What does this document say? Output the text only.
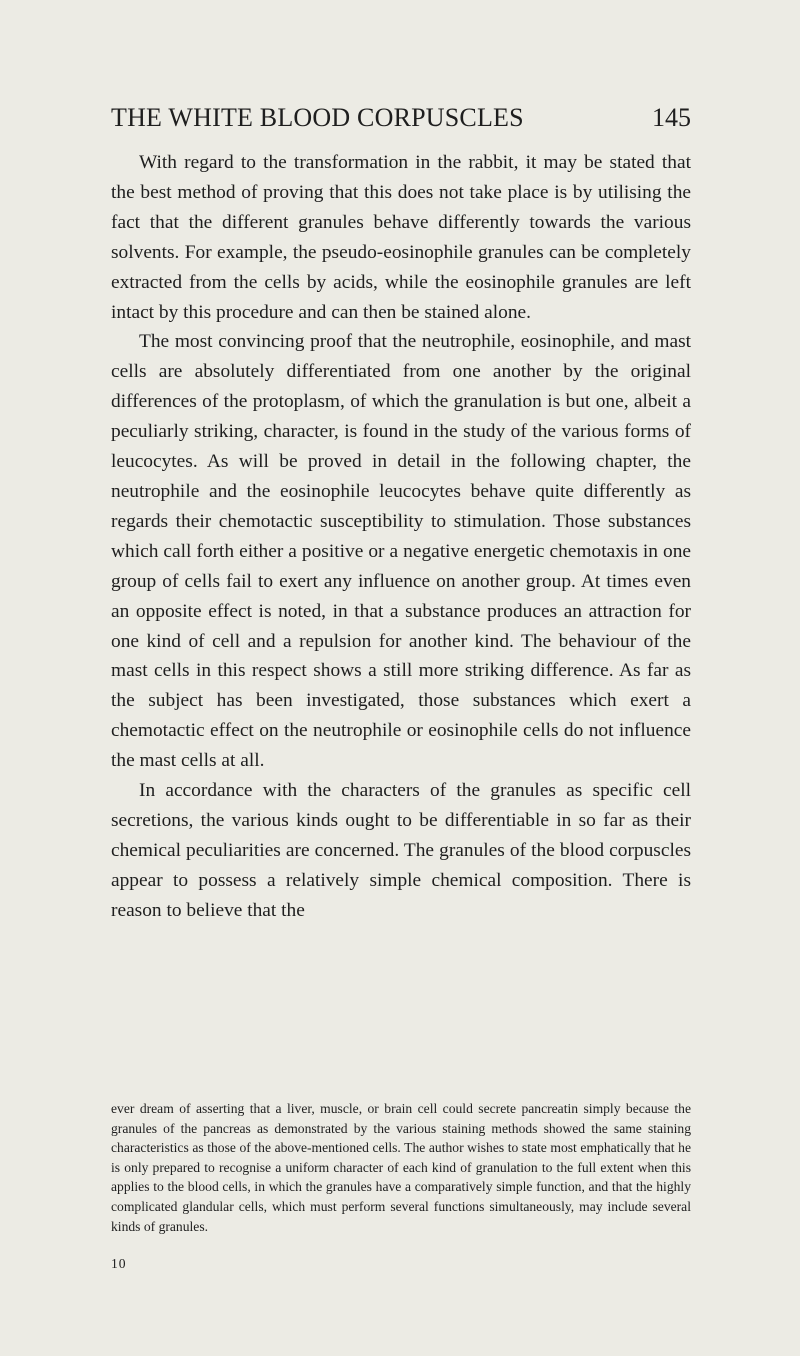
THE WHITE BLOOD CORPUSCLES	145

With regard to the transformation in the rabbit, it may be stated that the best method of proving that this does not take place is by utilising the fact that the different granules behave differently towards the various solvents. For example, the pseudo-eosinophile granules can be completely extracted from the cells by acids, while the eosinophile granules are left intact by this procedure and can then be stained alone.

The most convincing proof that the neutrophile, eosinophile, and mast cells are absolutely differentiated from one another by the original differences of the protoplasm, of which the granulation is but one, albeit a peculiarly striking, character, is found in the study of the various forms of leucocytes. As will be proved in detail in the following chapter, the neutrophile and the eosinophile leucocytes behave quite differently as regards their chemotactic susceptibility to stimulation. Those substances which call forth either a positive or a negative energetic chemotaxis in one group of cells fail to exert any influence on another group. At times even an opposite effect is noted, in that a substance produces an attraction for one kind of cell and a repulsion for another kind. The behaviour of the mast cells in this respect shows a still more striking difference. As far as the subject has been investigated, those substances which exert a chemotactic effect on the neutrophile or eosinophile cells do not influence the mast cells at all.

In accordance with the characters of the granules as specific cell secretions, the various kinds ought to be differentiable in so far as their chemical peculiarities are concerned. The granules of the blood corpuscles appear to possess a relatively simple chemical composition. There is reason to believe that the

ever dream of asserting that a liver, muscle, or brain cell could secrete pancreatin simply because the granules of the pancreas as demonstrated by the various staining methods showed the same staining characteristics as those of the above-mentioned cells. The author wishes to state most emphatically that he is only prepared to recognise a uniform character of each kind of granulation to the full extent when this applies to the blood cells, in which the granules have a comparatively simple function, and that the highly complicated glandular cells, which must perform several functions simultaneously, may include several kinds of granules.

10
